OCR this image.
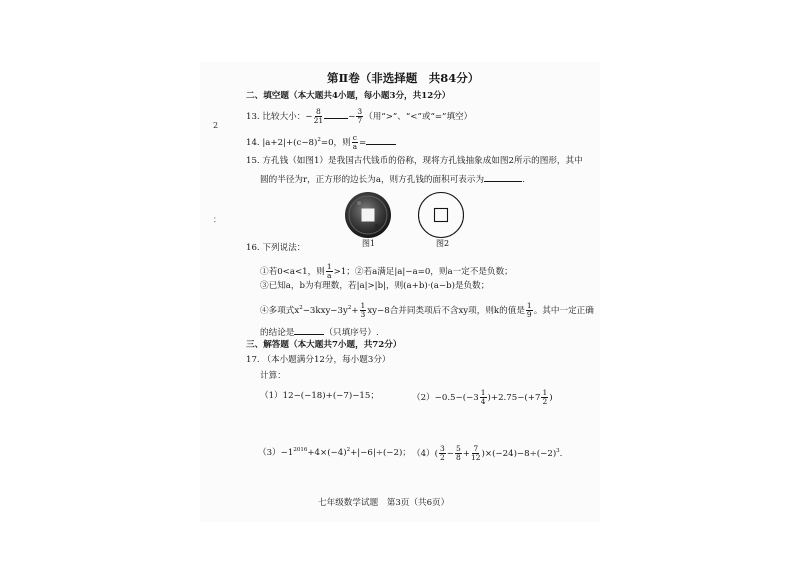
2
：
第Ⅱ卷（非选择题　共84分）
二、填空题（本大题共4小题，每小题3分，共12分）
13. 比较大小：− $\frac{8}{21}$	− $\frac{3}{7}$ （用“>”、“<”或“=”填空）
14. $|a+2|+(c-8)^2=0$，则 $\frac{c}{a}$ =
15. 方孔钱（如图1）是我国古代钱币的俗称，现将方孔钱抽象成如图2所示的图形，其中
圆的半径为r，正方形的边长为a，则方孔钱的面积可表示为	.
图1	图2
16. 下列说法：
①若0<a<1，则 $\frac{1}{a} >1$；②若a满足|a|−a=0，则a一定不是负数；
③已知a，b为有理数，若|a|>|b|，则(a+b)·(a−b)是负数；
④多项式$x^2-3kxy-3y^2+ \frac{1}{3} xy-8$合并同类项后不含xy项，则k的值是 $\frac{1}{9}$ 。其中一定正确
的结论是	（只填序号）.
三、解答题（本大题共7小题，共72分）
17. （本小题满分12分，每小题3分）
计算：
（1）12−(−18)+(−7)−15；	$(2)-0.5-(-3 \frac{1}{4} )+2.75-(+7 \frac{1}{2}$ )
$(3)-1^{2016}+4\times(-4)^2+|-6|\div(-2)$； $(4)( \frac{3}{2} - \frac{5}{8} + \frac{7}{12} )\times(-24)-8\div(-2)^3$.
七年级数学试题　第3页（共6页）
